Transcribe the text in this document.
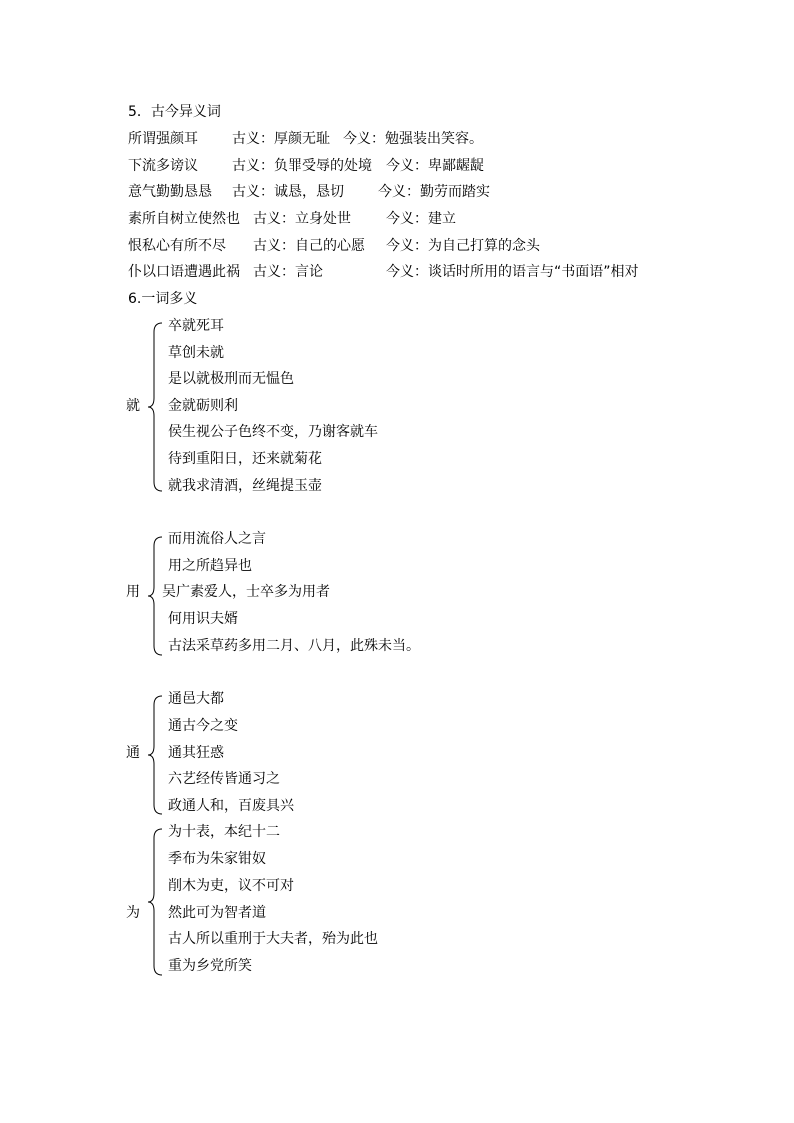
5．古今异义词
所谓强颜耳 古义：厚颜无耻 今义：勉强装出笑容。
下流多谤议 古义：负罪受辱的处境 今义：卑鄙龌龊
意气勤勤恳恳 古义：诚恳，恳切 今义：勤劳而踏实
素所自树立使然也 古义：立身处世	今义：建立
恨私心有所不尽 古义：自己的心愿 今义：为自己打算的念头
仆以口语遭遇此祸 古义：言论	今义：谈话时所用的语言与“书面语”相对
6.一词多义
就
卒就死耳
草创未就
是以就极刑而无愠色
金就砺则利
侯生视公子色终不变，乃谢客就车
待到重阳日，还来就菊花
就我求清酒，丝绳提玉壶
用
而用流俗人之言
用之所趋异也
吴广素爱人，士卒多为用者
何用识夫婿
古法采草药多用二月、八月，此殊未当。
通
通邑大都
通古今之变
通其狂惑
六艺经传皆通习之
政通人和，百废具兴
为
为十表，本纪十二
季布为朱家钳奴
削木为吏，议不可对
然此可为智者道
古人所以重刑于大夫者，殆为此也
重为乡党所笑
